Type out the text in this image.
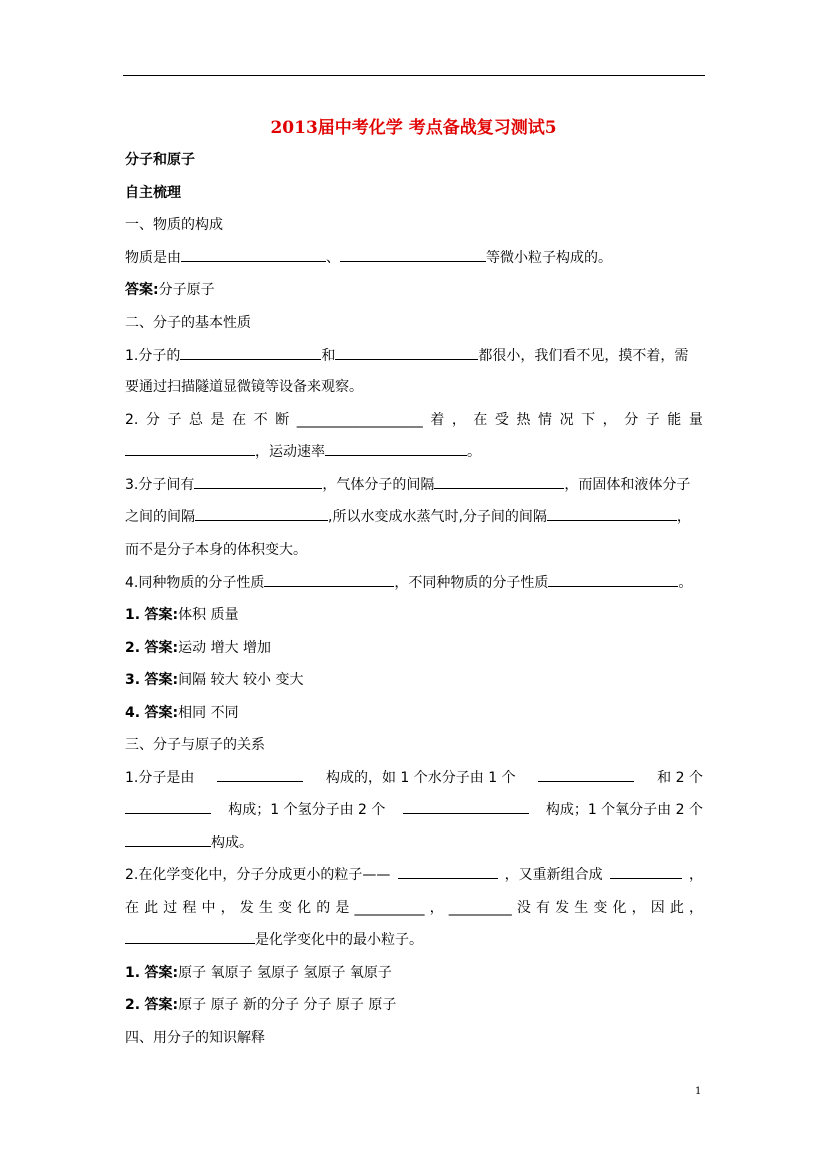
2013届中考化学 考点备战复习测试5
分子和原子
自主梳理
一、物质的构成
物质是由	、	等微小粒子构成的。
答案:分子原子
二、分子的基本性质
1.分子的	和	都很小，我们看不见，摸不着，需
要通过扫描隧道显微镜等设备来观察。
2. 分 子 总 是 在 不 断 __________________ 着 ， 在 受 热 情 况 下 ， 分 子 能 量
，运动速率	。
3.分子间有	，气体分子的间隔	，而固体和液体分子
之间的间隔	,所以水变成水蒸气时,分子间的间隔	，
而不是分子本身的体积变大。
4.同种物质的分子性质	，不同种物质的分子性质	。
1. 答案:体积 质量
2. 答案:运动 增大 增加
3. 答案:间隔 较大 较小 变大
4. 答案:相同 不同
三、分子与原子的关系
1.分子是由	构成的，如 1 个水分子由 1 个	和 2 个
构成；1 个氢分子由 2 个	构成；1 个氧分子由 2 个
构成。
2.在化学变化中，分子分成更小的粒子——	，又重新组合成	，
在 此 过 程 中 ， 发 生 变 化 的 是 __________ ， _________ 没 有 发 生 变 化 ， 因 此 ，
是化学变化中的最小粒子。
1. 答案:原子 氧原子 氢原子 氢原子 氧原子
2. 答案:原子 原子 新的分子 分子 原子 原子
四、用分子的知识解释
1
